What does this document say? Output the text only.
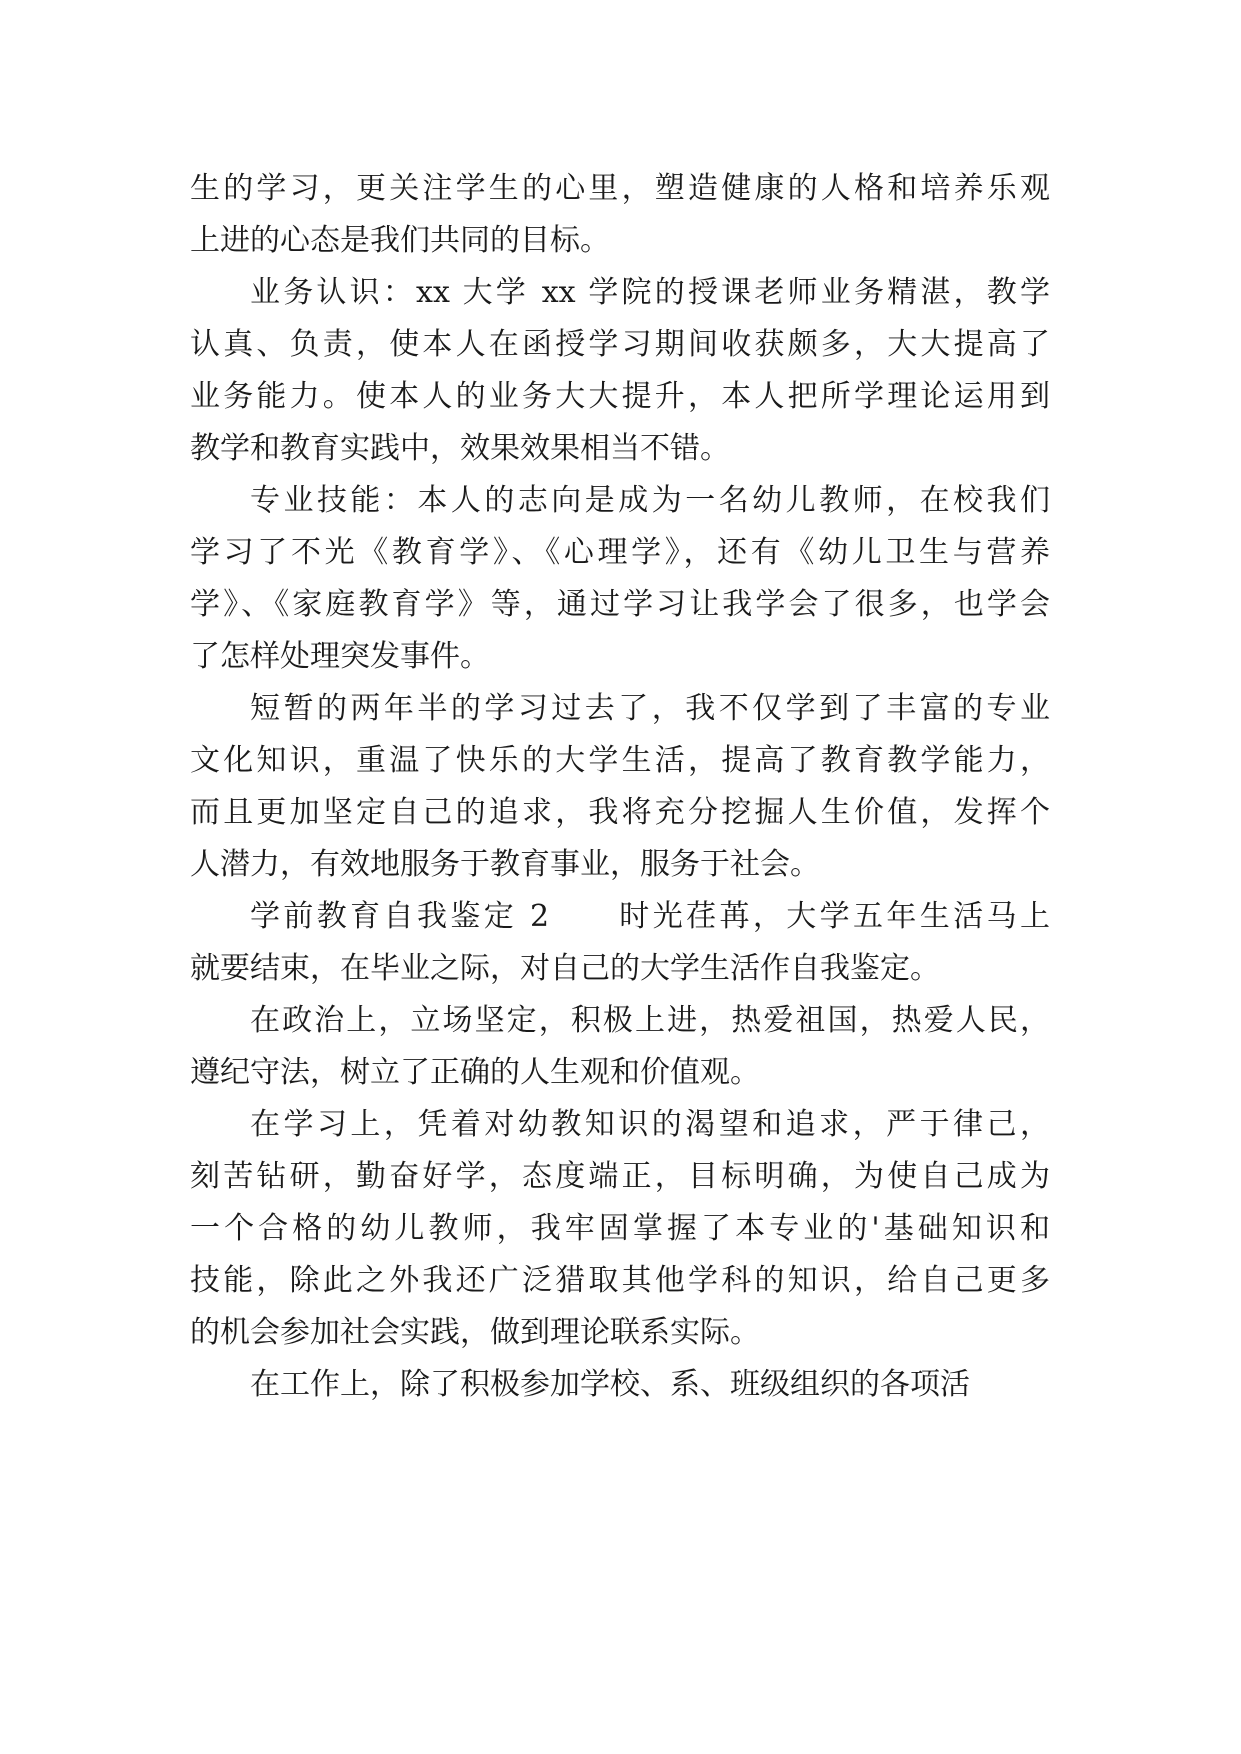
生的学习，更关注学生的心里，塑造健康的人格和培养乐观
上进的心态是我们共同的目标。
业务认识：xx 大学 xx 学院的授课老师业务精湛，教学
认真、负责，使本人在函授学习期间收获颇多，大大提高了
业务能力。使本人的业务大大提升，本人把所学理论运用到
教学和教育实践中，效果效果相当不错。
专业技能：本人的志向是成为一名幼儿教师，在校我们
学习了不光《教育学》、《心理学》，还有《幼儿卫生与营养
学》、《家庭教育学》等，通过学习让我学会了很多，也学会
了怎样处理突发事件。
短暂的两年半的学习过去了，我不仅学到了丰富的专业
文化知识，重温了快乐的大学生活，提高了教育教学能力，
而且更加坚定自己的追求，我将充分挖掘人生价值，发挥个
人潜力，有效地服务于教育事业，服务于社会。
学前教育自我鉴定 2　　时光荏苒，大学五年生活马上
就要结束，在毕业之际，对自己的大学生活作自我鉴定。
在政治上，立场坚定，积极上进，热爱祖国，热爱人民，
遵纪守法，树立了正确的人生观和价值观。
在学习上，凭着对幼教知识的渴望和追求，严于律己，
刻苦钻研，勤奋好学，态度端正，目标明确，为使自己成为
一个合格的幼儿教师，我牢固掌握了本专业的'基础知识和
技能，除此之外我还广泛猎取其他学科的知识，给自己更多
的机会参加社会实践，做到理论联系实际。
在工作上，除了积极参加学校、系、班级组织的各项活
